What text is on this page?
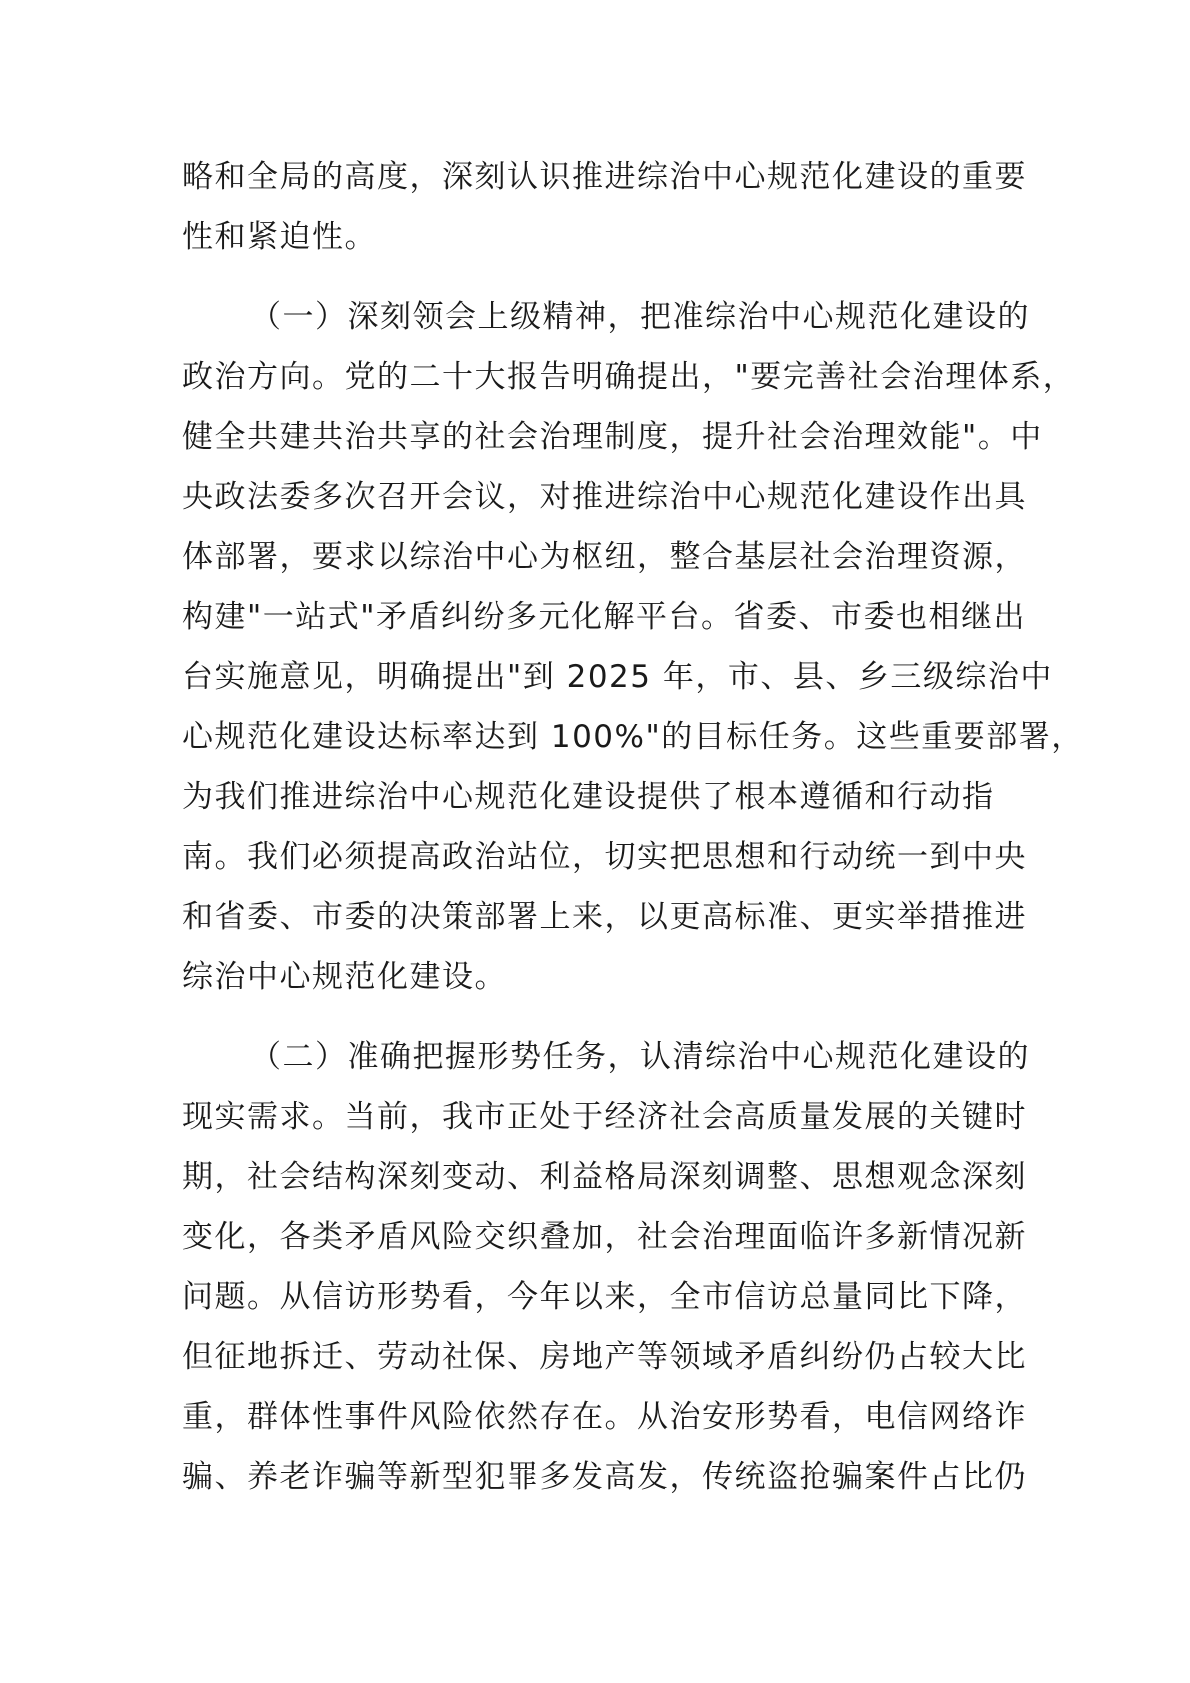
略和全局的高度，深刻认识推进综治中心规范化建设的重要
性和紧迫性。
（一）深刻领会上级精神，把准综治中心规范化建设的
政治方向。党的二十大报告明确提出，"要完善社会治理体系，
健全共建共治共享的社会治理制度，提升社会治理效能"。中
央政法委多次召开会议，对推进综治中心规范化建设作出具
体部署，要求以综治中心为枢纽，整合基层社会治理资源，
构建"一站式"矛盾纠纷多元化解平台。省委、市委也相继出
台实施意见，明确提出"到 2025 年，市、县、乡三级综治中
心规范化建设达标率达到 100%"的目标任务。这些重要部署，
为我们推进综治中心规范化建设提供了根本遵循和行动指
南。我们必须提高政治站位，切实把思想和行动统一到中央
和省委、市委的决策部署上来，以更高标准、更实举措推进
综治中心规范化建设。
（二）准确把握形势任务，认清综治中心规范化建设的
现实需求。当前，我市正处于经济社会高质量发展的关键时
期，社会结构深刻变动、利益格局深刻调整、思想观念深刻
变化，各类矛盾风险交织叠加，社会治理面临许多新情况新
问题。从信访形势看，今年以来，全市信访总量同比下降，
但征地拆迁、劳动社保、房地产等领域矛盾纠纷仍占较大比
重，群体性事件风险依然存在。从治安形势看，电信网络诈
骗、养老诈骗等新型犯罪多发高发，传统盗抢骗案件占比仍
